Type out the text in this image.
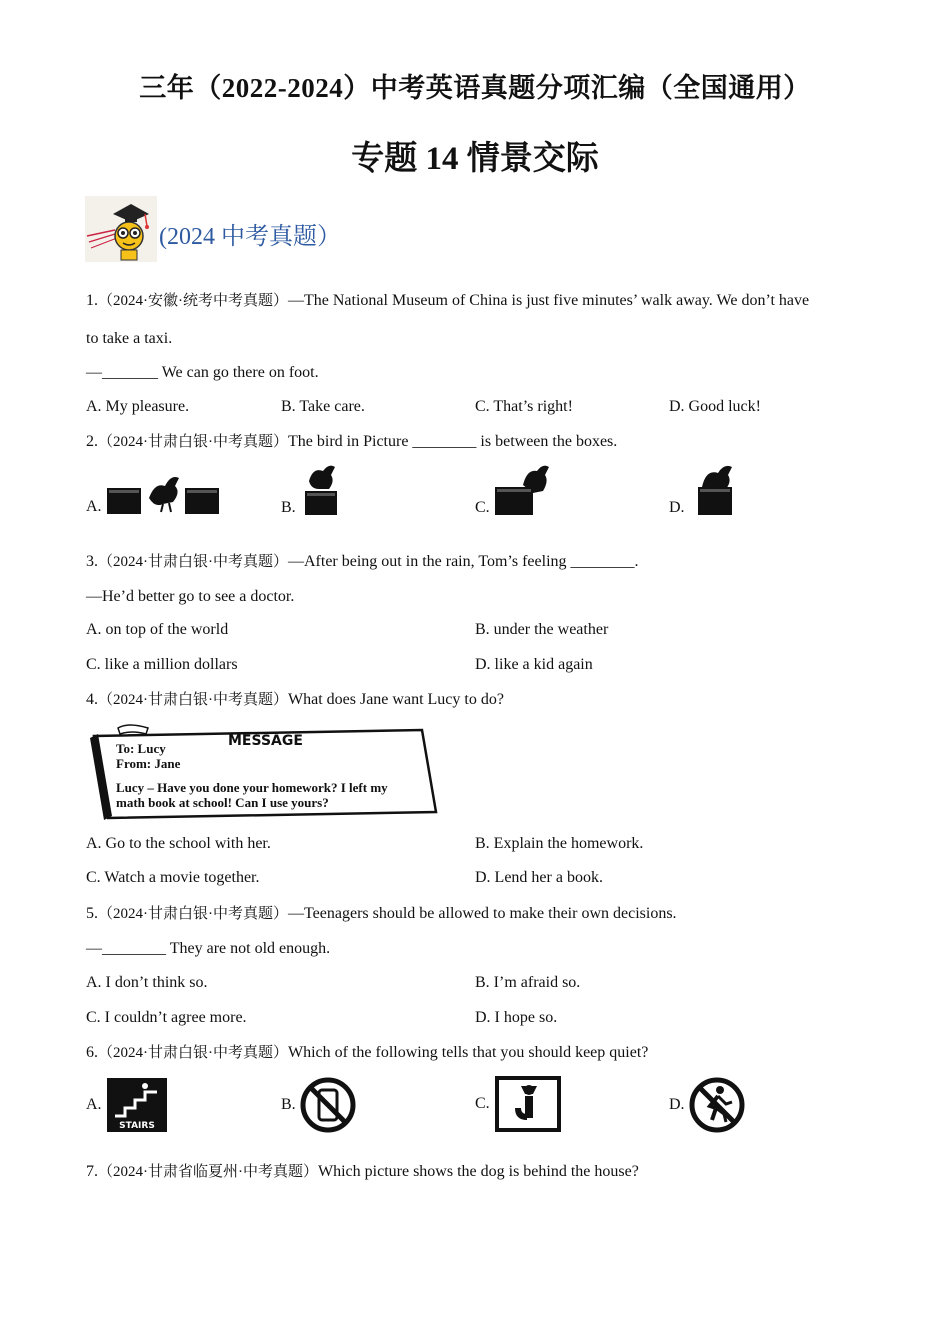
三年（2022-2024）中考英语真题分项汇编（全国通用）
专题 14 情景交际
(2024 中考真题）
1.（2024·安徽·统考中考真题）—The National Museum of China is just five minutes’ walk away. We don’t have
to take a taxi.
—_______ We can go there on foot.
A. My pleasure.	B. Take care.	C. That’s right!	D. Good luck!
2.（2024·甘肃白银·中考真题）The bird in Picture ________ is between the boxes.
A.	B.	C.	D.
3.（2024·甘肃白银·中考真题）—After being out in the rain, Tom’s feeling ________.
—He’d better go to see a doctor.
A. on top of the world	B. under the weather
C. like a million dollars	D. like a kid again
4.（2024·甘肃白银·中考真题）What does Jane want Lucy to do?
MESSAGE
To: Lucy
From: Jane
Lucy – Have you done your homework? I left my
math book at school! Can I use yours?
A. Go to the school with her.	B. Explain the homework.
C. Watch a movie together.	D. Lend her a book.
5.（2024·甘肃白银·中考真题）—Teenagers should be allowed to make their own decisions.
—________ They are not old enough.
A. I don’t think so.	B. I’m afraid so.
C. I couldn’t agree more.	D. I hope so.
6.（2024·甘肃白银·中考真题）Which of the following tells that you should keep quiet?
A.
STAIRS
B.	C.	D.
7.（2024·甘肃省临夏州·中考真题）Which picture shows the dog is behind the house?
